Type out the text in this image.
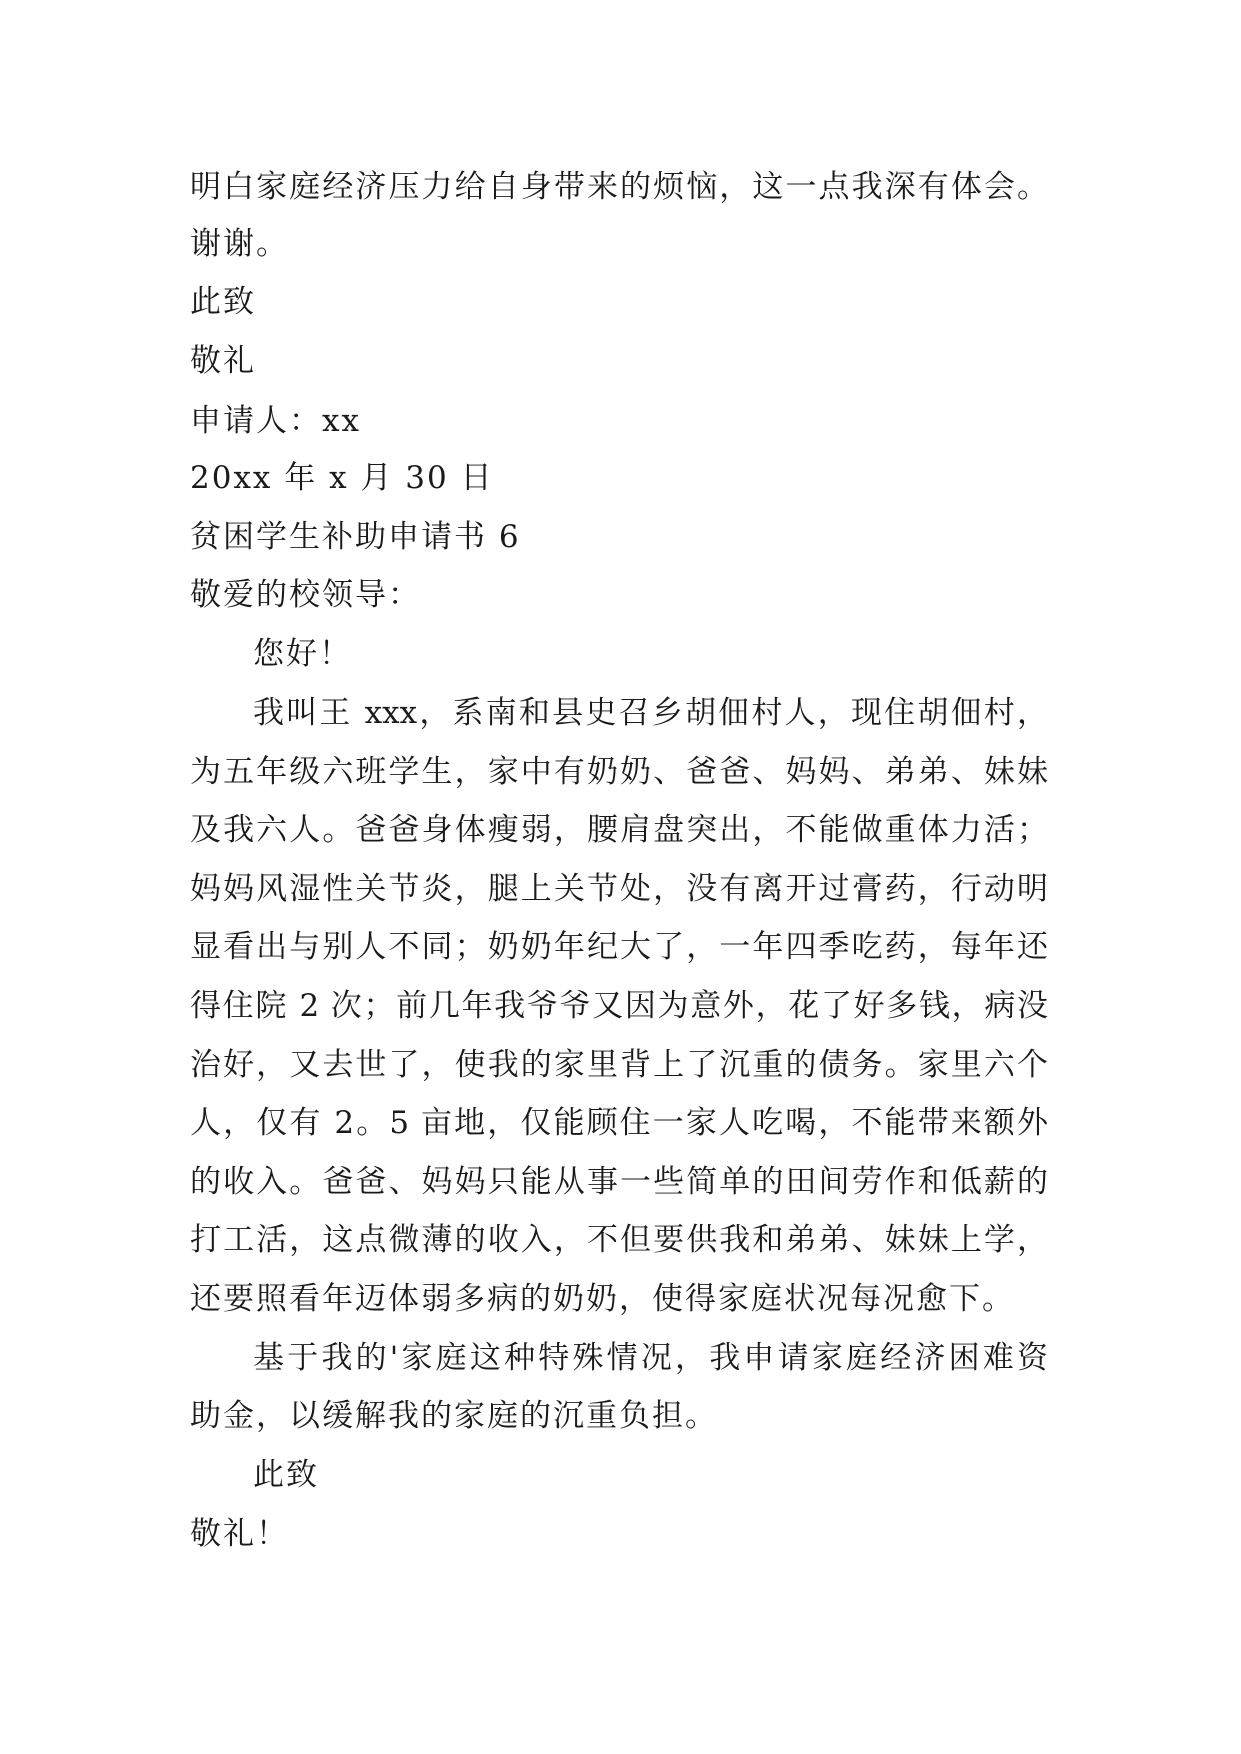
明白家庭经济压力给自身带来的烦恼，这一点我深有体会。
谢谢。
此致
敬礼
申请人：xx
20xx 年 x 月 30 日
贫困学生补助申请书 6
敬爱的校领导：
您好！
我叫王 xxx，系南和县史召乡胡佃村人，现住胡佃村，
为五年级六班学生，家中有奶奶、爸爸、妈妈、弟弟、妹妹
及我六人。爸爸身体瘦弱，腰肩盘突出，不能做重体力活；
妈妈风湿性关节炎，腿上关节处，没有离开过膏药，行动明
显看出与别人不同；奶奶年纪大了，一年四季吃药，每年还
得住院 2 次；前几年我爷爷又因为意外，花了好多钱，病没
治好，又去世了，使我的家里背上了沉重的债务。家里六个
人，仅有 2。5 亩地，仅能顾住一家人吃喝，不能带来额外
的收入。爸爸、妈妈只能从事一些简单的田间劳作和低薪的
打工活，这点微薄的收入，不但要供我和弟弟、妹妹上学，
还要照看年迈体弱多病的奶奶，使得家庭状况每况愈下。
基于我的'家庭这种特殊情况，我申请家庭经济困难资
助金，以缓解我的家庭的沉重负担。
此致
敬礼！
